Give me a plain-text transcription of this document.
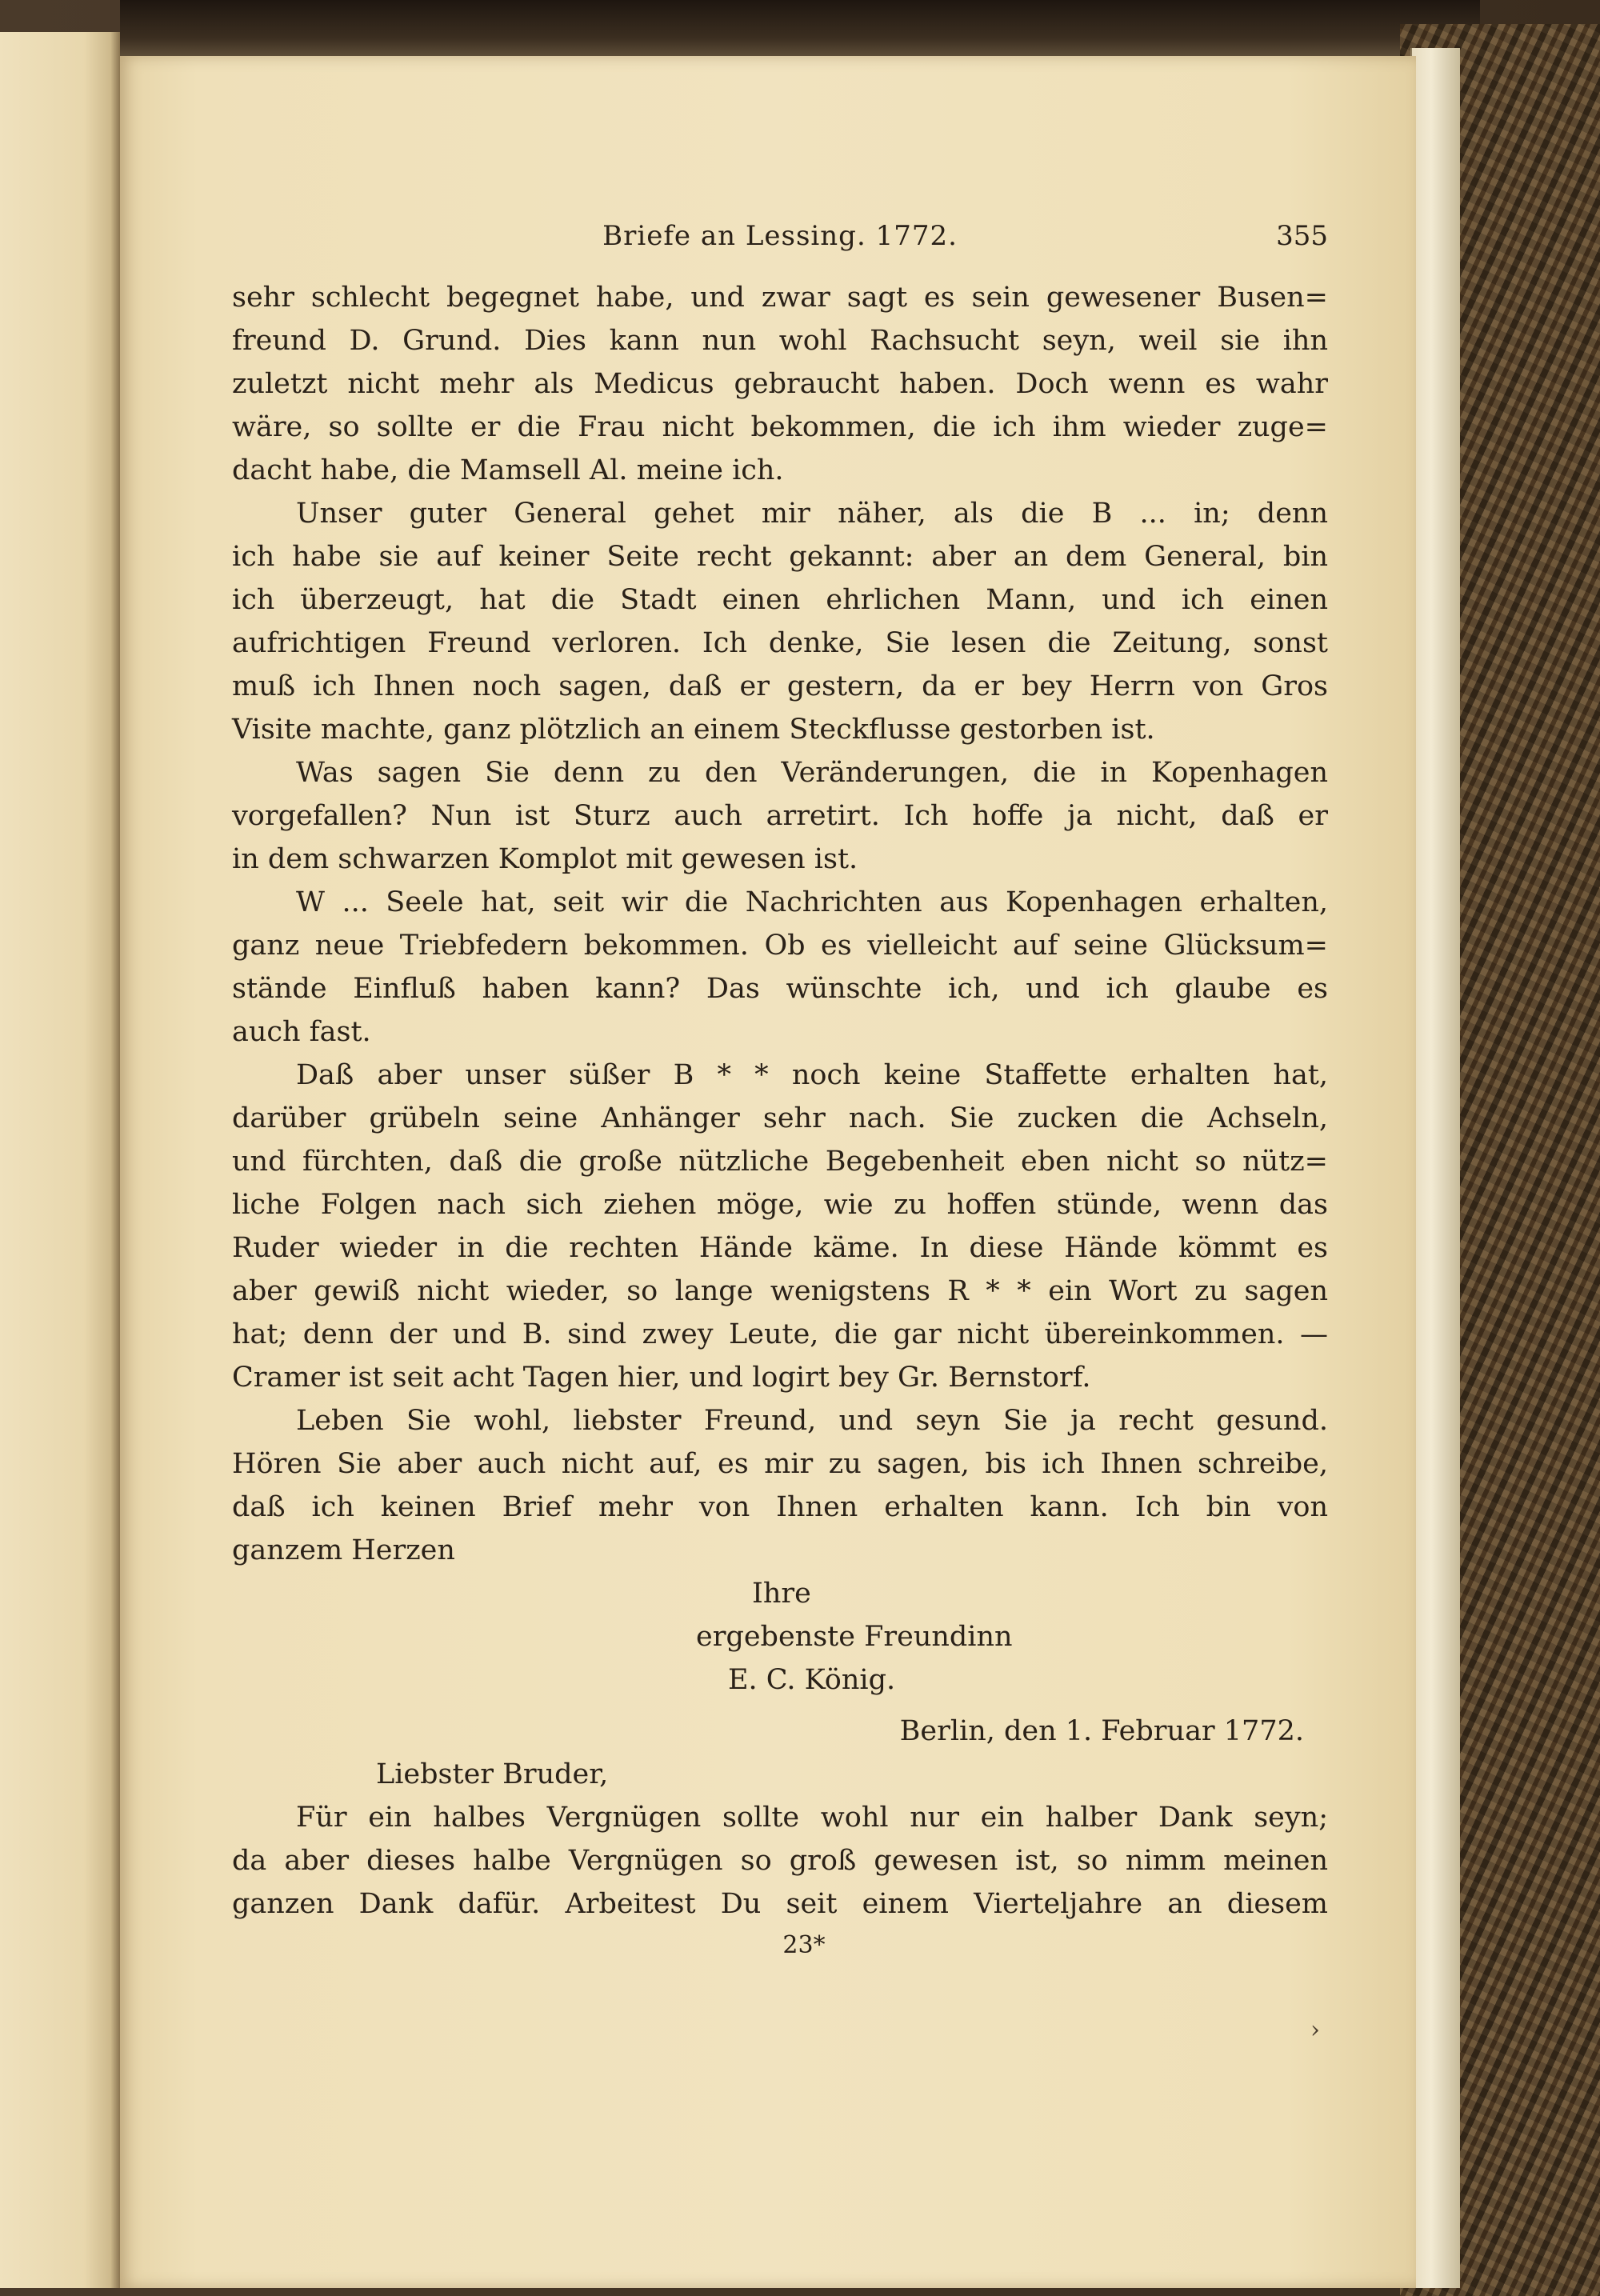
Briefe an Lessing. 1772.	355
sehr schlecht begegnet habe, und zwar sagt es sein gewesener Busen=
freund D. Grund. Dies kann nun wohl Rachsucht seyn, weil sie ihn
zuletzt nicht mehr als Medicus gebraucht haben. Doch wenn es wahr
wäre, so sollte er die Frau nicht bekommen, die ich ihm wieder zuge=
dacht habe, die Mamsell Al. meine ich.
Unser guter General gehet mir näher, als die B ... in; denn
ich habe sie auf keiner Seite recht gekannt: aber an dem General, bin
ich überzeugt, hat die Stadt einen ehrlichen Mann, und ich einen
aufrichtigen Freund verloren. Ich denke, Sie lesen die Zeitung, sonst
muß ich Ihnen noch sagen, daß er gestern, da er bey Herrn von Gros
Visite machte, ganz plötzlich an einem Steckflusse gestorben ist.
Was sagen Sie denn zu den Veränderungen, die in Kopenhagen
vorgefallen? Nun ist Sturz auch arretirt. Ich hoffe ja nicht, daß er
in dem schwarzen Komplot mit gewesen ist.
W ... Seele hat, seit wir die Nachrichten aus Kopenhagen erhalten,
ganz neue Triebfedern bekommen. Ob es vielleicht auf seine Glücksum=
stände Einfluß haben kann? Das wünschte ich, und ich glaube es
auch fast.
Daß aber unser süßer B * * noch keine Staffette erhalten hat,
darüber grübeln seine Anhänger sehr nach. Sie zucken die Achseln,
und fürchten, daß die große nützliche Begebenheit eben nicht so nütz=
liche Folgen nach sich ziehen möge, wie zu hoffen stünde, wenn das
Ruder wieder in die rechten Hände käme. In diese Hände kömmt es
aber gewiß nicht wieder, so lange wenigstens R * * ein Wort zu sagen
hat; denn der und B. sind zwey Leute, die gar nicht übereinkommen. —
Cramer ist seit acht Tagen hier, und logirt bey Gr. Bernstorf.
Leben Sie wohl, liebster Freund, und seyn Sie ja recht gesund.
Hören Sie aber auch nicht auf, es mir zu sagen, bis ich Ihnen schreibe,
daß ich keinen Brief mehr von Ihnen erhalten kann. Ich bin von
ganzem Herzen
Ihre
ergebenste Freundinn
E. C. König.
Berlin, den 1. Februar 1772.
Liebster Bruder,
Für ein halbes Vergnügen sollte wohl nur ein halber Dank seyn;
da aber dieses halbe Vergnügen so groß gewesen ist, so nimm meinen
ganzen Dank dafür. Arbeitest Du seit einem Vierteljahre an diesem
23*
›
